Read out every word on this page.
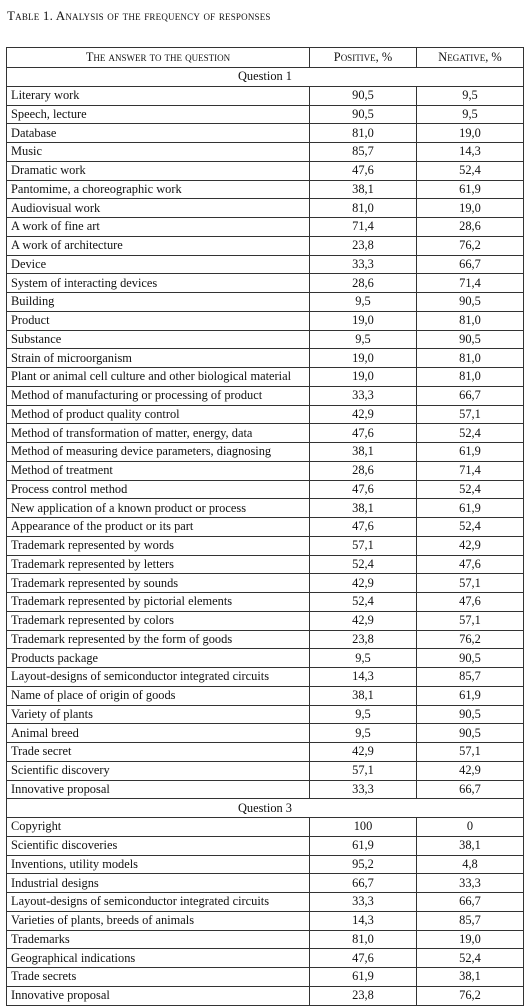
Table 1. Analysis of the frequency of responses
The answer to the question	Positive, %	Negative, %
Question 1		
Literary work	90,5	9,5
Speech, lecture	90,5	9,5
Database	81,0	19,0
Music	85,7	14,3
Dramatic work	47,6	52,4
Pantomime, a choreographic work	38,1	61,9
Audiovisual work	81,0	19,0
A work of fine art	71,4	28,6
A work of architecture	23,8	76,2
Device	33,3	66,7
System of interacting devices	28,6	71,4
Building	9,5	90,5
Product	19,0	81,0
Substance	9,5	90,5
Strain of microorganism	19,0	81,0
Plant or animal cell culture and other biological material	19,0	81,0
Method of manufacturing or processing of product	33,3	66,7
Method of product quality control	42,9	57,1
Method of transformation of matter, energy, data	47,6	52,4
Method of measuring device parameters, diagnosing	38,1	61,9
Method of treatment	28,6	71,4
Process control method	47,6	52,4
New application of a known product or process	38,1	61,9
Appearance of the product or its part	47,6	52,4
Trademark represented by words	57,1	42,9
Trademark represented by letters	52,4	47,6
Trademark represented by sounds	42,9	57,1
Trademark represented by pictorial elements	52,4	47,6
Trademark represented by colors	42,9	57,1
Trademark represented by the form of goods	23,8	76,2
Products package	9,5	90,5
Layout-designs of semiconductor integrated circuits	14,3	85,7
Name of place of origin of goods	38,1	61,9
Variety of plants	9,5	90,5
Animal breed	9,5	90,5
Trade secret	42,9	57,1
Scientific discovery	57,1	42,9
Innovative proposal	33,3	66,7
Question 3		
Copyright	100	0
Scientific discoveries	61,9	38,1
Inventions, utility models	95,2	4,8
Industrial designs	66,7	33,3
Layout-designs of semiconductor integrated circuits	33,3	66,7
Varieties of plants, breeds of animals	14,3	85,7
Trademarks	81,0	19,0
Geographical indications	47,6	52,4
Trade secrets	61,9	38,1
Innovative proposal	23,8	76,2
